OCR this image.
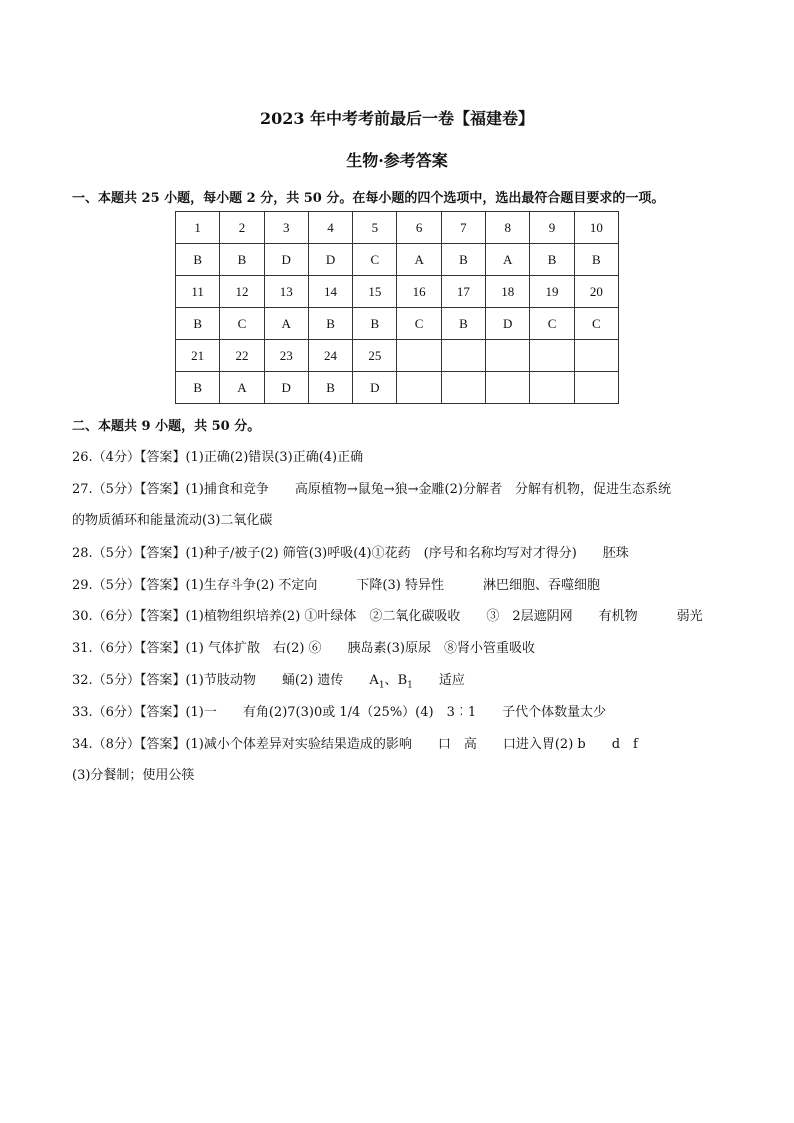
2023 年中考考前最后一卷【福建卷】
生物·参考答案
一、本题共 25 小题，每小题 2 分，共 50 分。在每小题的四个选项中，选出最符合题目要求的一项。
1	2	3	4	5	6	7	8	9	10
B	B	D	D	C	A	B	A	B	B
11	12	13	14	15	16	17	18	19	20
B	C	A	B	B	C	B	D	C	C
21	22	23	24	25					
B	A	D	B	D					
二、本题共 9 小题，共 50 分。
26.（4分）【答案】(1)正确(2)错误(3)正确(4)正确
27.（5分）【答案】(1)捕食和竞争　　高原植物→鼠兔→狼→金雕(2)分解者　分解有机物，促进生态系统
的物质循环和能量流动(3)二氧化碳
28.（5分）【答案】(1)种子/被子(2) 筛管(3)呼吸(4)①花药　(序号和名称均写对才得分)　　胚珠
29.（5分）【答案】(1)生存斗争(2) 不定向　　　下降(3) 特异性　　　淋巴细胞、吞噬细胞
30.（6分）【答案】(1)植物组织培养(2) ①叶绿体　②二氧化碳吸收　　③　2层遮阴网　　有机物　　　弱光
31.（6分）【答案】(1) 气体扩散　右(2) ⑥　　胰岛素(3)原尿　⑧肾小管重吸收
32.（5分）【答案】(1)节肢动物　　蛹(2) 遗传　　$A_1$、$B_1$　　适应
33.（6分）【答案】(1)一　　有角(2)7(3)0或 1/4（25%）(4)　3︰1　　子代个体数量太少
34.（8分）【答案】(1)减小个体差异对实验结果造成的影响　　口　高　　口进入胃(2) b　　d　f
(3)分餐制；使用公筷
